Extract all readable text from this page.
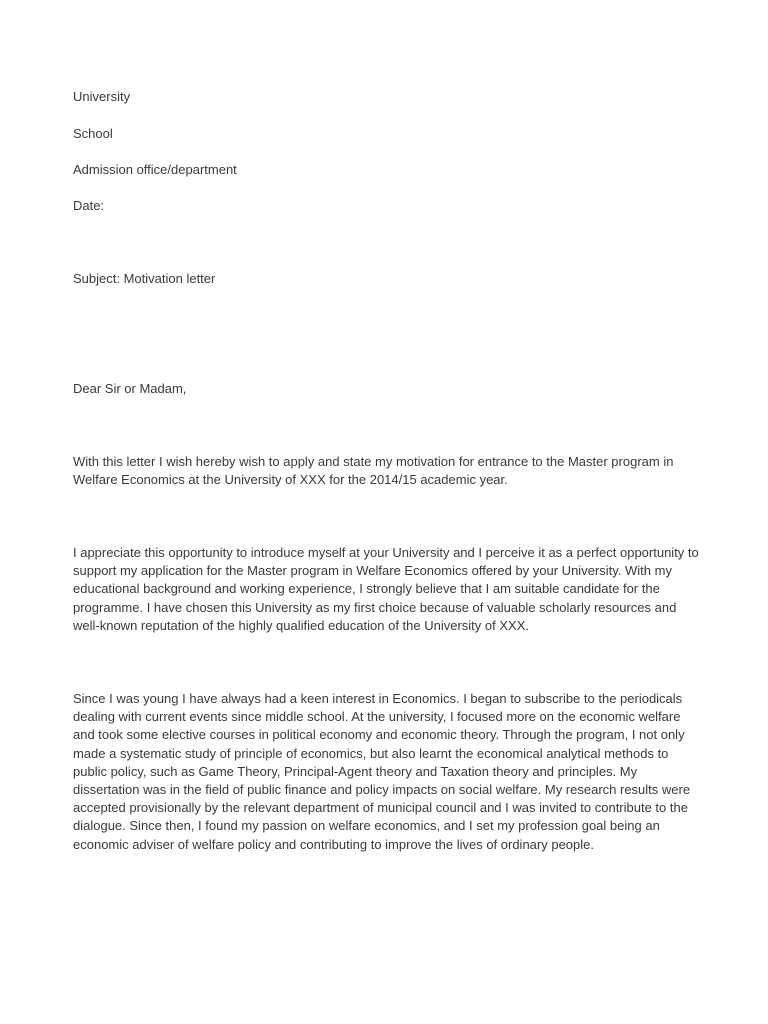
University

School

Admission office/department

Date:

Subject: Motivation letter

Dear Sir or Madam,

With this letter I wish hereby wish to apply and state my motivation for entrance to the Master program in
Welfare Economics at the University of XXX for the 2014/15 academic year.
I appreciate this opportunity to introduce myself at your University and I perceive it as a perfect opportunity to
support my application for the Master program in Welfare Economics offered by your University. With my
educational background and working experience, I strongly believe that I am suitable candidate for the
programme. I have chosen this University as my first choice because of valuable scholarly resources and
well-known reputation of the highly qualified education of the University of XXX.
Since I was young I have always had a keen interest in Economics. I began to subscribe to the periodicals
dealing with current events since middle school. At the university, I focused more on the economic welfare
and took some elective courses in political economy and economic theory. Through the program, I not only
made a systematic study of principle of economics, but also learnt the economical analytical methods to
public policy, such as Game Theory, Principal-Agent theory and Taxation theory and principles. My
dissertation was in the field of public finance and policy impacts on social welfare. My research results were
accepted provisionally by the relevant department of municipal council and I was invited to contribute to the
dialogue. Since then, I found my passion on welfare economics, and I set my profession goal being an
economic adviser of welfare policy and contributing to improve the lives of ordinary people.
